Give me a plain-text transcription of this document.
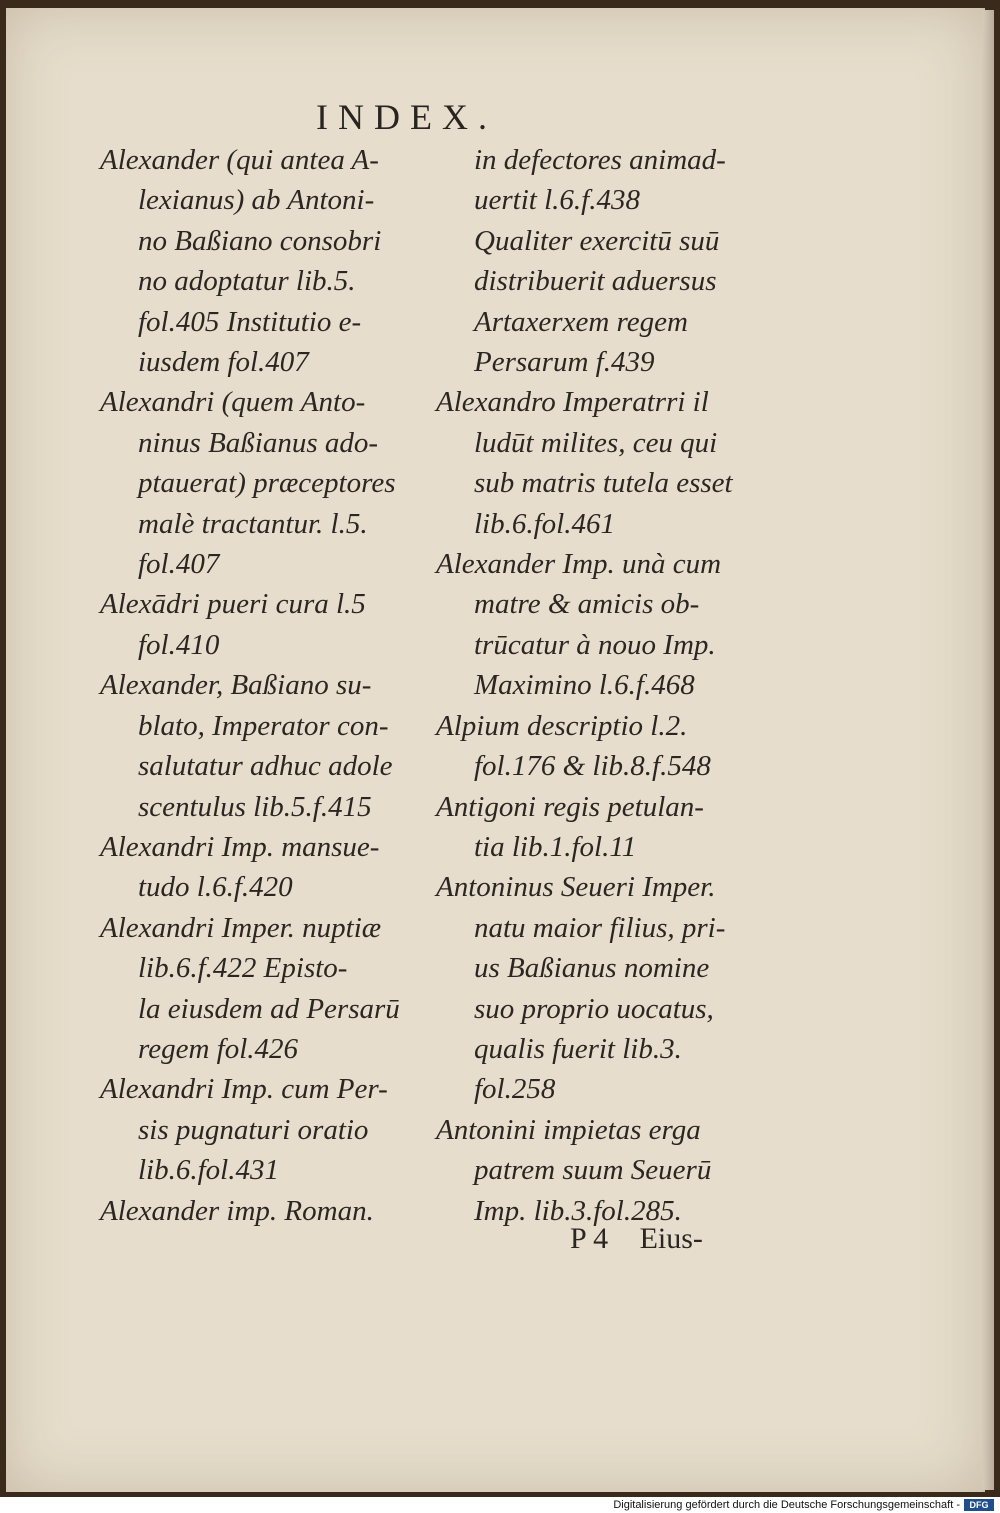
INDEX.
Alexander (qui antea A-
lexianus) ab Antoni-
no Baßiano consobri
no adoptatur lib.5.
fol.405 Institutio e-
iusdem fol.407
Alexandri (quem Anto-
ninus Baßianus ado-
ptauerat) præceptores
malè tractantur. l.5.
fol.407
Alexādri pueri cura l.5
fol.410
Alexander, Baßiano su-
blato, Imperator con-
salutatur adhuc adole
scentulus lib.5.f.415
Alexandri Imp. mansue-
tudo l.6.f.420
Alexandri Imper. nuptiæ
lib.6.f.422 Episto-
la eiusdem ad Persarū
regem fol.426
Alexandri Imp. cum Per-
sis pugnaturi oratio
lib.6.fol.431
Alexander imp. Roman.
in defectores animad-
uertit l.6.f.438
Qualiter exercitū suū
distribuerit aduersus
Artaxerxem regem
Persarum f.439
Alexandro Imperatrri il
ludūt milites, ceu qui
sub matris tutela esset
lib.6.fol.461
Alexander Imp. unà cum
matre & amicis ob-
trūcatur à nouo Imp.
Maximino l.6.f.468
Alpium descriptio l.2.
fol.176 & lib.8.f.548
Antigoni regis petulan-
tia lib.1.fol.11
Antoninus Seueri Imper.
natu maior filius, pri-
us Baßianus nomine
suo proprio uocatus,
qualis fuerit lib.3.
fol.258
Antonini impietas erga
patrem suum Seuerū
Imp. lib.3.fol.285.
P 4 Eius-
Digitalisierung gefördert durch die Deutsche Forschungsgemeinschaft -	DFG
